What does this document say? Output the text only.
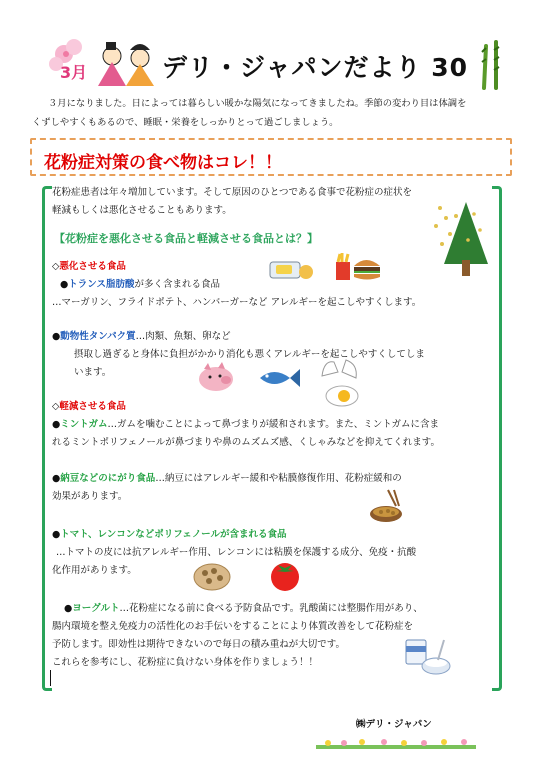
3月	デリ・ジャパンだより 30

３月になりました。日によっては暮らしい暖かな陽気になってきましたね。季節の変わり目は体調を

くずしやすくもあるので、睡眠・栄養をしっかりとって過ごしましょう。

花粉症対策の食べ物はコレ！！
花粉症患者は年々増加しています。そして原因のひとつである食事で花粉症の症状を
軽減もしくは悪化させることもあります。
【花粉症を悪化させる食品と軽減させる食品とは？】
◇悪化させる食品
●トランス脂肪酸が多く含まれる食品
…マーガリン、フライドポテト、ハンバーガーなど アレルギーを起こしやすくします。
●動物性タンパク質…肉類、魚類、卵など
摂取し過ぎると身体に負担がかかり消化も悪くアレルギーを起こしやすくしてしま
います。
◇軽減させる食品
●ミントガム…ガムを噛むことによって鼻づまりが緩和されます。また、ミントガムに含ま
れるミントポリフェノールが鼻づまりや鼻のムズムズ感、くしゃみなどを抑えてくれます。
●納豆などのにがり食品…納豆にはアレルギー緩和や粘膜修復作用、花粉症緩和の
効果があります。
●トマト、レンコンなどポリフェノールが含まれる食品
…トマトの皮には抗アレルギー作用、レンコンには粘膜を保護する成分、免疫・抗酸
化作用があります。
●ヨーグルト…花粉症になる前に食べる予防食品です。乳酸菌には整腸作用があり、
腸内環境を整え免疫力の活性化のお手伝いをすることにより体質改善をして花粉症を
予防します。即効性は期待できないので毎日の積み重ねが大切です。
これらを参考にし、花粉症に負けない身体を作りましょう！！
㈱デリ・ジャパン
